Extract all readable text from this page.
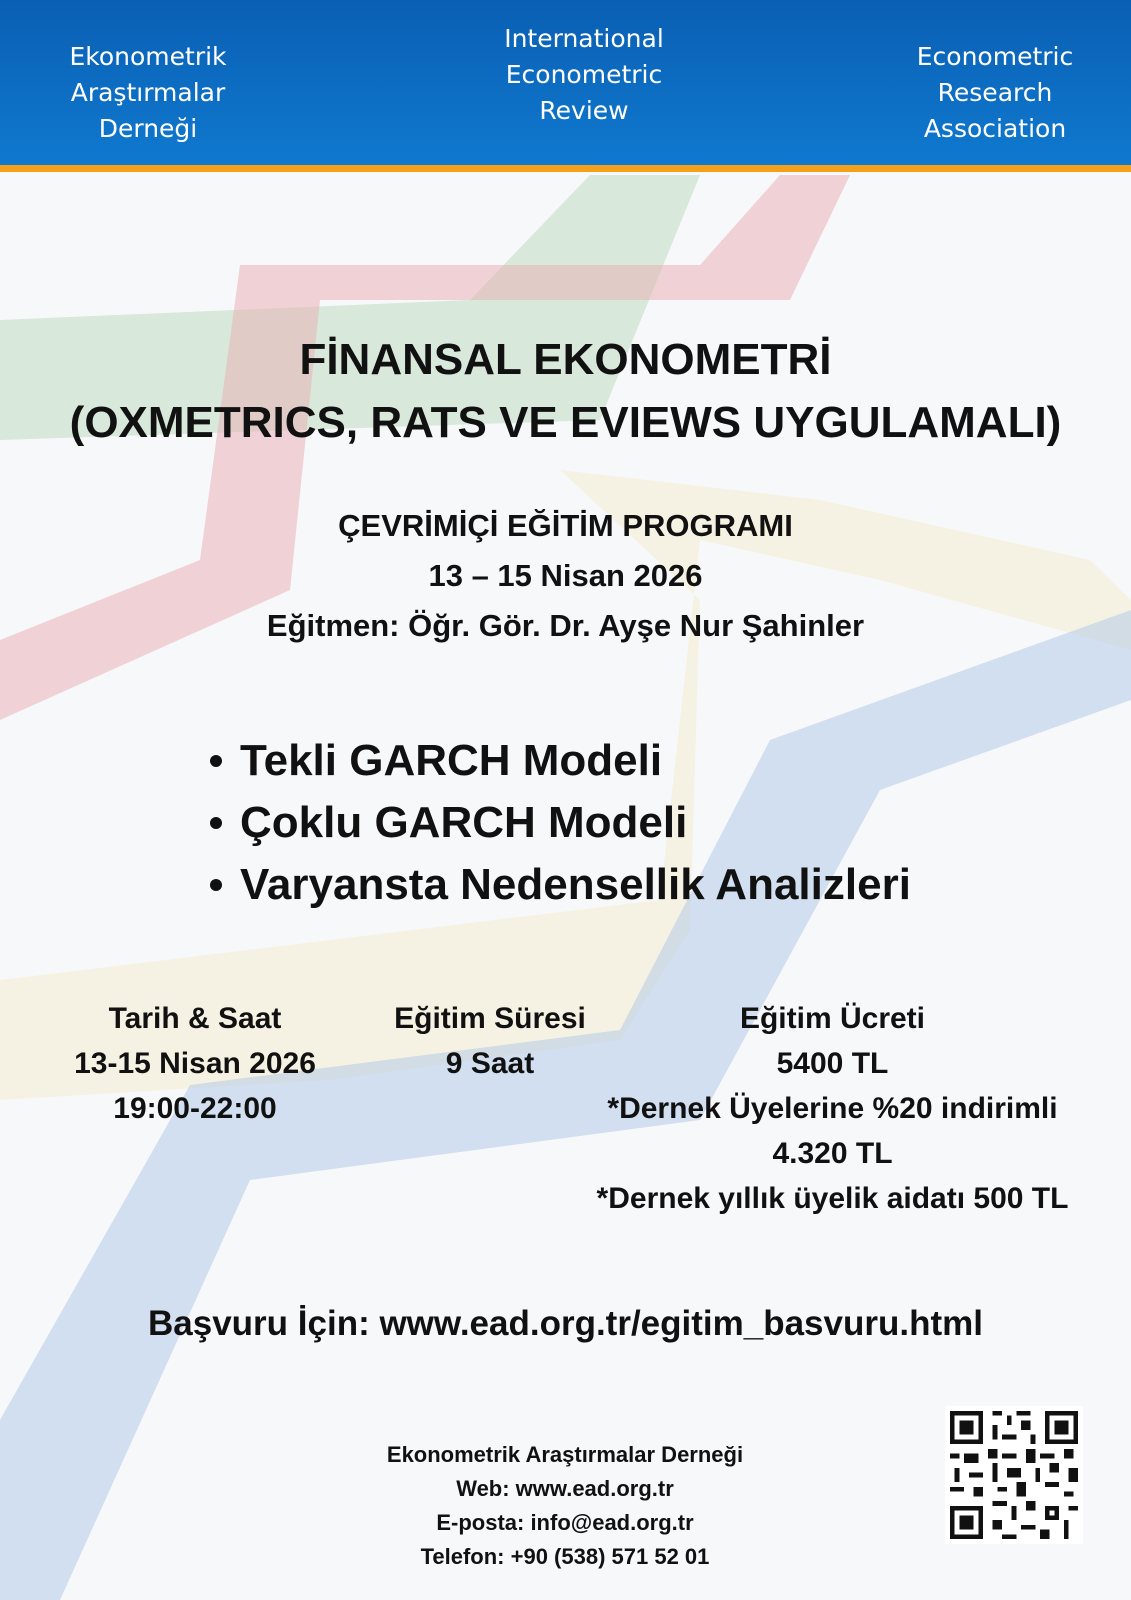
Ekonometrik Araştırmalar
Derneği
International
Econometric
Review
Econometric Research
Association
FİNANSAL EKONOMETRİ
(OXMETRICS, RATS VE EVIEWS UYGULAMALI)
ÇEVRİMİÇİ EĞİTİM PROGRAMI
13 – 15 Nisan 2026
Eğitmen: Öğr. Gör. Dr. Ayşe Nur Şahinler
Tekli GARCH Modeli
Çoklu GARCH Modeli
Varyansta Nedensellik Analizleri
Tarih & Saat
13-15 Nisan 2026
19:00-22:00
Eğitim Süresi
9 Saat
Eğitim Ücreti
5400 TL
*Dernek Üyelerine %20 indirimli
4.320 TL
*Dernek yıllık üyelik aidatı 500 TL
Başvuru İçin: www.ead.org.tr/egitim_basvuru.html
Ekonometrik Araştırmalar Derneği
Web: www.ead.org.tr
E-posta: info@ead.org.tr
Telefon: +90 (538) 571 52 01
